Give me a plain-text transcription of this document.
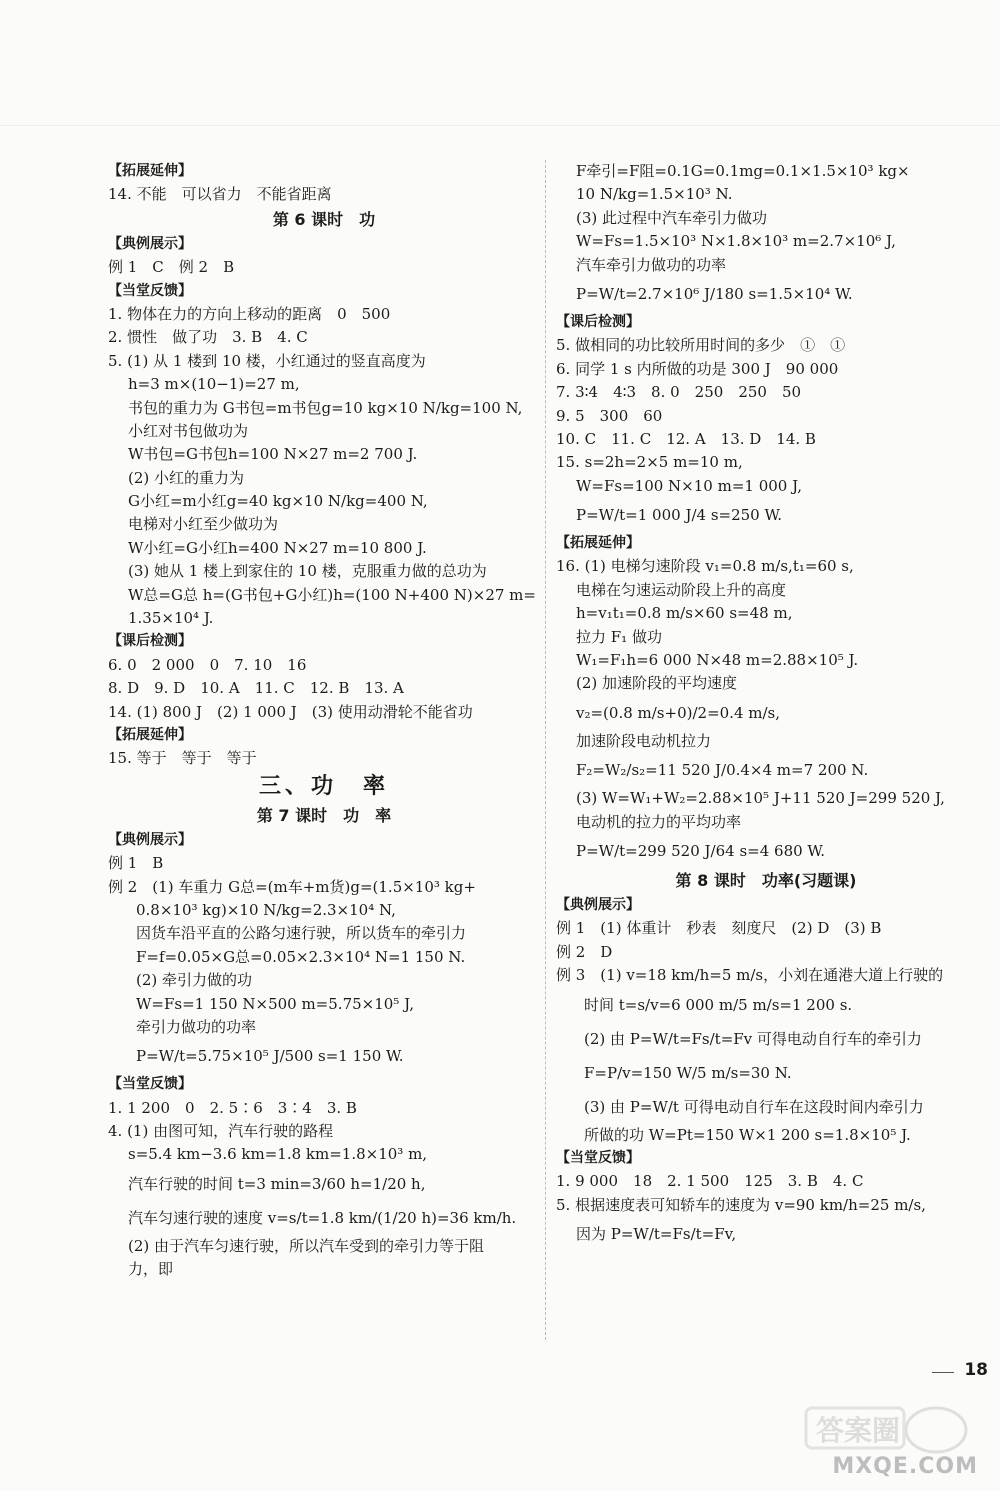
【拓展延伸】
14. 不能　可以省力　不能省距离
第 6 课时　功
【典例展示】
例 1　C　例 2　B
【当堂反馈】
1. 物体在力的方向上移动的距离　0　500
2. 惯性　做了功　3. B　4. C
5. (1) 从 1 楼到 10 楼，小红通过的竖直高度为
h=3 m×(10−1)=27 m,
书包的重力为 G书包=m书包g=10 kg×10 N/kg=100 N,
小红对书包做功为
W书包=G书包h=100 N×27 m=2 700 J.
(2) 小红的重力为
G小红=m小红g=40 kg×10 N/kg=400 N,
电梯对小红至少做功为
W小红=G小红h=400 N×27 m=10 800 J.
(3) 她从 1 楼上到家住的 10 楼，克服重力做的总功为
W总=G总 h=(G书包+G小红)h=(100 N+400 N)×27 m=
1.35×10⁴ J.
【课后检测】
6. 0　2 000　0　7. 10　16
8. D　9. D　10. A　11. C　12. B　13. A
14. (1) 800 J　(2) 1 000 J　(3) 使用动滑轮不能省功
【拓展延伸】
15. 等于　等于　等于
三、功　率
第 7 课时　功　率
【典例展示】
例 1　B
例 2　(1) 车重力 G总=(m车+m货)g=(1.5×10³ kg+
0.8×10³ kg)×10 N/kg=2.3×10⁴ N,
因货车沿平直的公路匀速行驶，所以货车的牵引力
F=f=0.05×G总=0.05×2.3×10⁴ N=1 150 N.
(2) 牵引力做的功
W=Fs=1 150 N×500 m=5.75×10⁵ J,
牵引力做功的功率
P=W/t=5.75×10⁵ J/500 s=1 150 W.
【当堂反馈】
1. 1 200　0　2. 5∶6　3∶4　3. B
4. (1) 由图可知，汽车行驶的路程
s=5.4 km−3.6 km=1.8 km=1.8×10³ m,
汽车行驶的时间 t=3 min=3/60 h=1/20 h,
汽车匀速行驶的速度 v=s/t=1.8 km/(1/20 h)=36 km/h.
(2) 由于汽车匀速行驶，所以汽车受到的牵引力等于阻
力，即
F牵引=F阻=0.1G=0.1mg=0.1×1.5×10³ kg×
10 N/kg=1.5×10³ N.
(3) 此过程中汽车牵引力做功
W=Fs=1.5×10³ N×1.8×10³ m=2.7×10⁶ J,
汽车牵引力做功的功率
P=W/t=2.7×10⁶ J/180 s=1.5×10⁴ W.
【课后检测】
5. 做相同的功比较所用时间的多少　①　①
6. 同学 1 s 内所做的功是 300 J　90 000
7. 3∶4　4∶3　8. 0　250　250　50
9. 5　300　60
10. C　11. C　12. A　13. D　14. B
15. s=2h=2×5 m=10 m,
W=Fs=100 N×10 m=1 000 J,
P=W/t=1 000 J/4 s=250 W.
【拓展延伸】
16. (1) 电梯匀速阶段 v₁=0.8 m/s,t₁=60 s,
电梯在匀速运动阶段上升的高度
h=v₁t₁=0.8 m/s×60 s=48 m,
拉力 F₁ 做功
W₁=F₁h=6 000 N×48 m=2.88×10⁵ J.
(2) 加速阶段的平均速度
v₂=(0.8 m/s+0)/2=0.4 m/s,
加速阶段电动机拉力
F₂=W₂/s₂=11 520 J/0.4×4 m=7 200 N.
(3) W=W₁+W₂=2.88×10⁵ J+11 520 J=299 520 J,
电动机的拉力的平均功率
P=W/t=299 520 J/64 s=4 680 W.
第 8 课时　功率(习题课)
【典例展示】
例 1　(1) 体重计　秒表　刻度尺　(2) D　(3) B
例 2　D
例 3　(1) v=18 km/h=5 m/s，小刘在通港大道上行驶的
时间 t=s/v=6 000 m/5 m/s=1 200 s.
(2) 由 P=W/t=Fs/t=Fv 可得电动自行车的牵引力
F=P/v=150 W/5 m/s=30 N.
(3) 由 P=W/t 可得电动自行车在这段时间内牵引力
所做的功 W=Pt=150 W×1 200 s=1.8×10⁵ J.
【当堂反馈】
1. 9 000　18　2. 1 500　125　3. B　4. C
5. 根据速度表可知轿车的速度为 v=90 km/h=25 m/s,
因为 P=W/t=Fs/t=Fv,
18
答案圈
MXQE.COM
